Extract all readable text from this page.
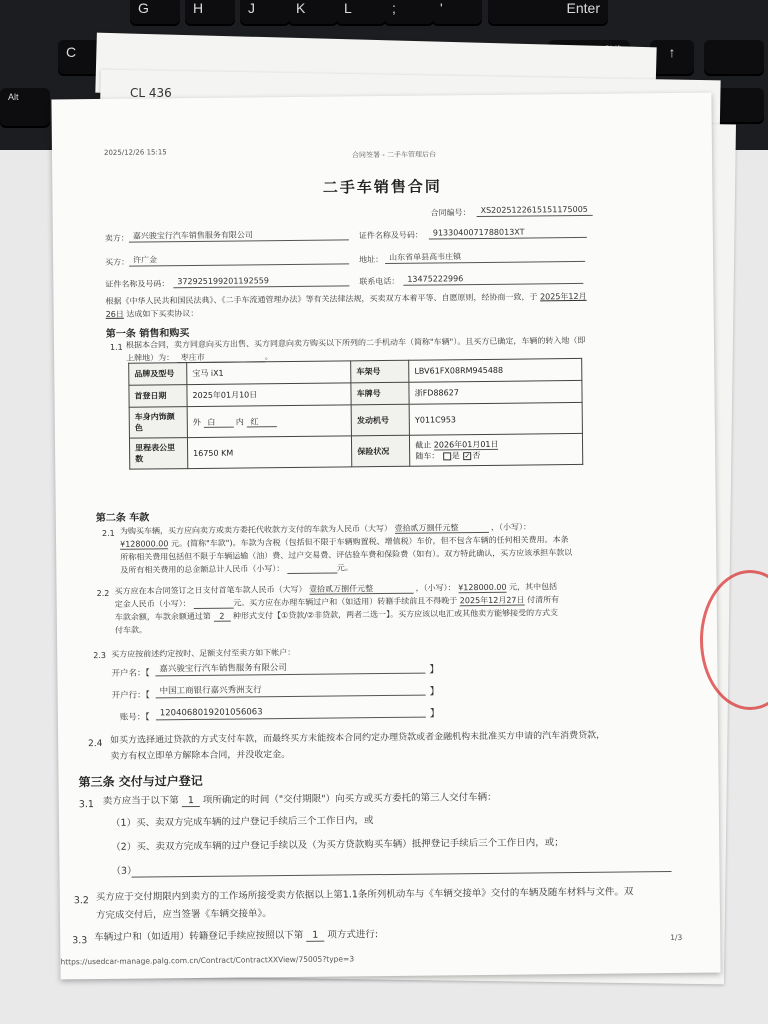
G	H	J	K	L	;	'	Enter
C
Alt
↑
CL 436
2025/12/26 15:15	合同签署 - 二手车管理后台
二手车销售合同
合同编号：	XS2025122615151175005
卖方： 嘉兴骏宝行汽车销售服务有限公司	证件名称及号码：	9133040071788013XT
买方： 许广金	地址： 山东省单县高韦庄镇
证件名称及号码： 372925199201192559	联系电话： 13475222996
根据《中华人民共和国民法典》、《二手车流通管理办法》等有关法律法规，买卖双方本着平等、自愿原则，经协商一致，于 2025年12月
26日 达成如下买卖协议：
第一条 销售和购买
1.1 根据本合同，卖方同意向买方出售、买方同意向卖方购买以下所列的二手机动车（简称"车辆"）。且买方已确定，车辆的转入地（即
上牌地）为： 枣庄市	。
品牌及型号	宝马 iX1	车架号	LBV61FX08RM945488
首登日期	2025年01月10日	车牌号	浙FD88627
车身内饰颜色	外 白 内 红	发动机号	Y011C953
里程表公里数	16750 KM	保险状况	截止 2026年01月01日
随车： 是 ✓ 否
第二条 车款
2.1 为购买车辆，买方应向卖方或卖方委托代收款方支付的车款为人民币（大写） 壹拾贰万捌仟元整	，（小写）：
¥128000.00 元。(简称"车款")。车款为含税（包括但不限于车辆购置税、增值税）车价，但不包含车辆的任何相关费用。本条
所称相关费用包括但不限于车辆运输（油）费、过户交易费、评估验车费和保险费（如有）。双方特此确认，买方应该承担车款以
及所有相关费用的总金额总计人民币（小写）：	元。
2.2 买方应在本合同签订之日支付首笔车款人民币（大写） 壹拾贰万捌仟元整	，（小写）： ¥128000.00 元，其中包括
定金人民币（小写）：	元。买方应在办理车辆过户和（如适用）转籍手续前且不得晚于 2025年12月27日 付清所有
车款余额，车款余额通过第 2 种形式支付【①贷款/②非贷款，两者二选一】。买方应该以电汇或其他卖方能够接受的方式支
付车款。
2.3 买方应按前述约定按时、足额支付至卖方如下帐户：
开户名：【	嘉兴骏宝行汽车销售服务有限公司	】
开户行：【	中国工商银行嘉兴秀洲支行	】
账号：【	1204068019201056063	】
2.4 如买方选择通过贷款的方式支付车款，而最终买方未能按本合同约定办理贷款或者金融机构未批准买方申请的汽车消费贷款，
卖方有权立即单方解除本合同，并没收定金。
第三条 交付与过户登记
3.1 卖方应当于以下第 1 项所确定的时间（"交付期限"）向买方或买方委托的第三人交付车辆：
（1）买、卖双方完成车辆的过户登记手续后三个工作日内，或
（2）买、卖双方完成车辆的过户登记手续以及（为买方贷款购买车辆）抵押登记手续后三个工作日内，或；
（3）
3.2 买方应于交付期限内到卖方的工作场所接受卖方依据以上第1.1条所列机动车与《车辆交接单》交付的车辆及随车材料与文件。双
方完成交付后，应当签署《车辆交接单》。
3.3 车辆过户和（如适用）转籍登记手续应按照以下第 1 项方式进行:
https://usedcar-manage.palg.com.cn/Contract/ContractXXView/75005?type=3
1/3
